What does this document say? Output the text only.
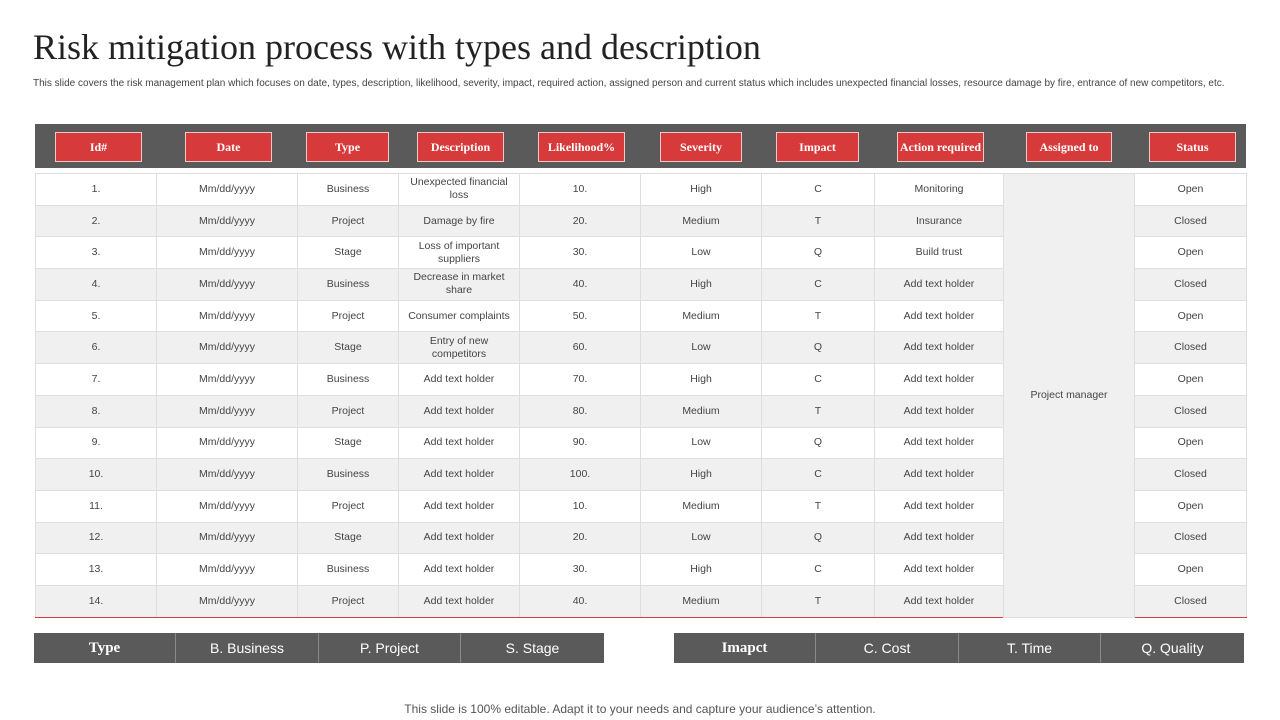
Risk mitigation process with types and description

This slide covers the risk management plan which focuses on date, types, description, likelihood, severity, impact, required action, assigned person and current status which includes unexpected financial losses, resource damage by fire, entrance of new competitors, etc.

Id#	Date	Type	Description	Likelihood%	Severity	Impact	Action required	Assigned to	Status
1.	Mm/dd/yyyy	Business	Unexpected financial loss	10.	High	C	Monitoring	Project manager	Open
2.	Mm/dd/yyyy	Project	Damage by fire	20.	Medium	T	Insurance		Closed
3.	Mm/dd/yyyy	Stage	Loss of important suppliers	30.	Low	Q	Build trust		Open
4.	Mm/dd/yyyy	Business	Decrease in market share	40.	High	C	Add text holder		Closed
5.	Mm/dd/yyyy	Project	Consumer complaints	50.	Medium	T	Add text holder		Open
6.	Mm/dd/yyyy	Stage	Entry of new competitors	60.	Low	Q	Add text holder		Closed
7.	Mm/dd/yyyy	Business	Add text holder	70.	High	C	Add text holder		Open
8.	Mm/dd/yyyy	Project	Add text holder	80.	Medium	T	Add text holder		Closed
9.	Mm/dd/yyyy	Stage	Add text holder	90.	Low	Q	Add text holder		Open
10.	Mm/dd/yyyy	Business	Add text holder	100.	High	C	Add text holder		Closed
11.	Mm/dd/yyyy	Project	Add text holder	10.	Medium	T	Add text holder		Open
12.	Mm/dd/yyyy	Stage	Add text holder	20.	Low	Q	Add text holder		Closed
13.	Mm/dd/yyyy	Business	Add text holder	30.	High	C	Add text holder		Open
14.	Mm/dd/yyyy	Project	Add text holder	40.	Medium	T	Add text holder		Closed
Type	B. Business	P. Project	S. Stage	Imapct	C. Cost	T. Time	Q. Quality
This slide is 100% editable. Adapt it to your needs and capture your audience’s attention.
